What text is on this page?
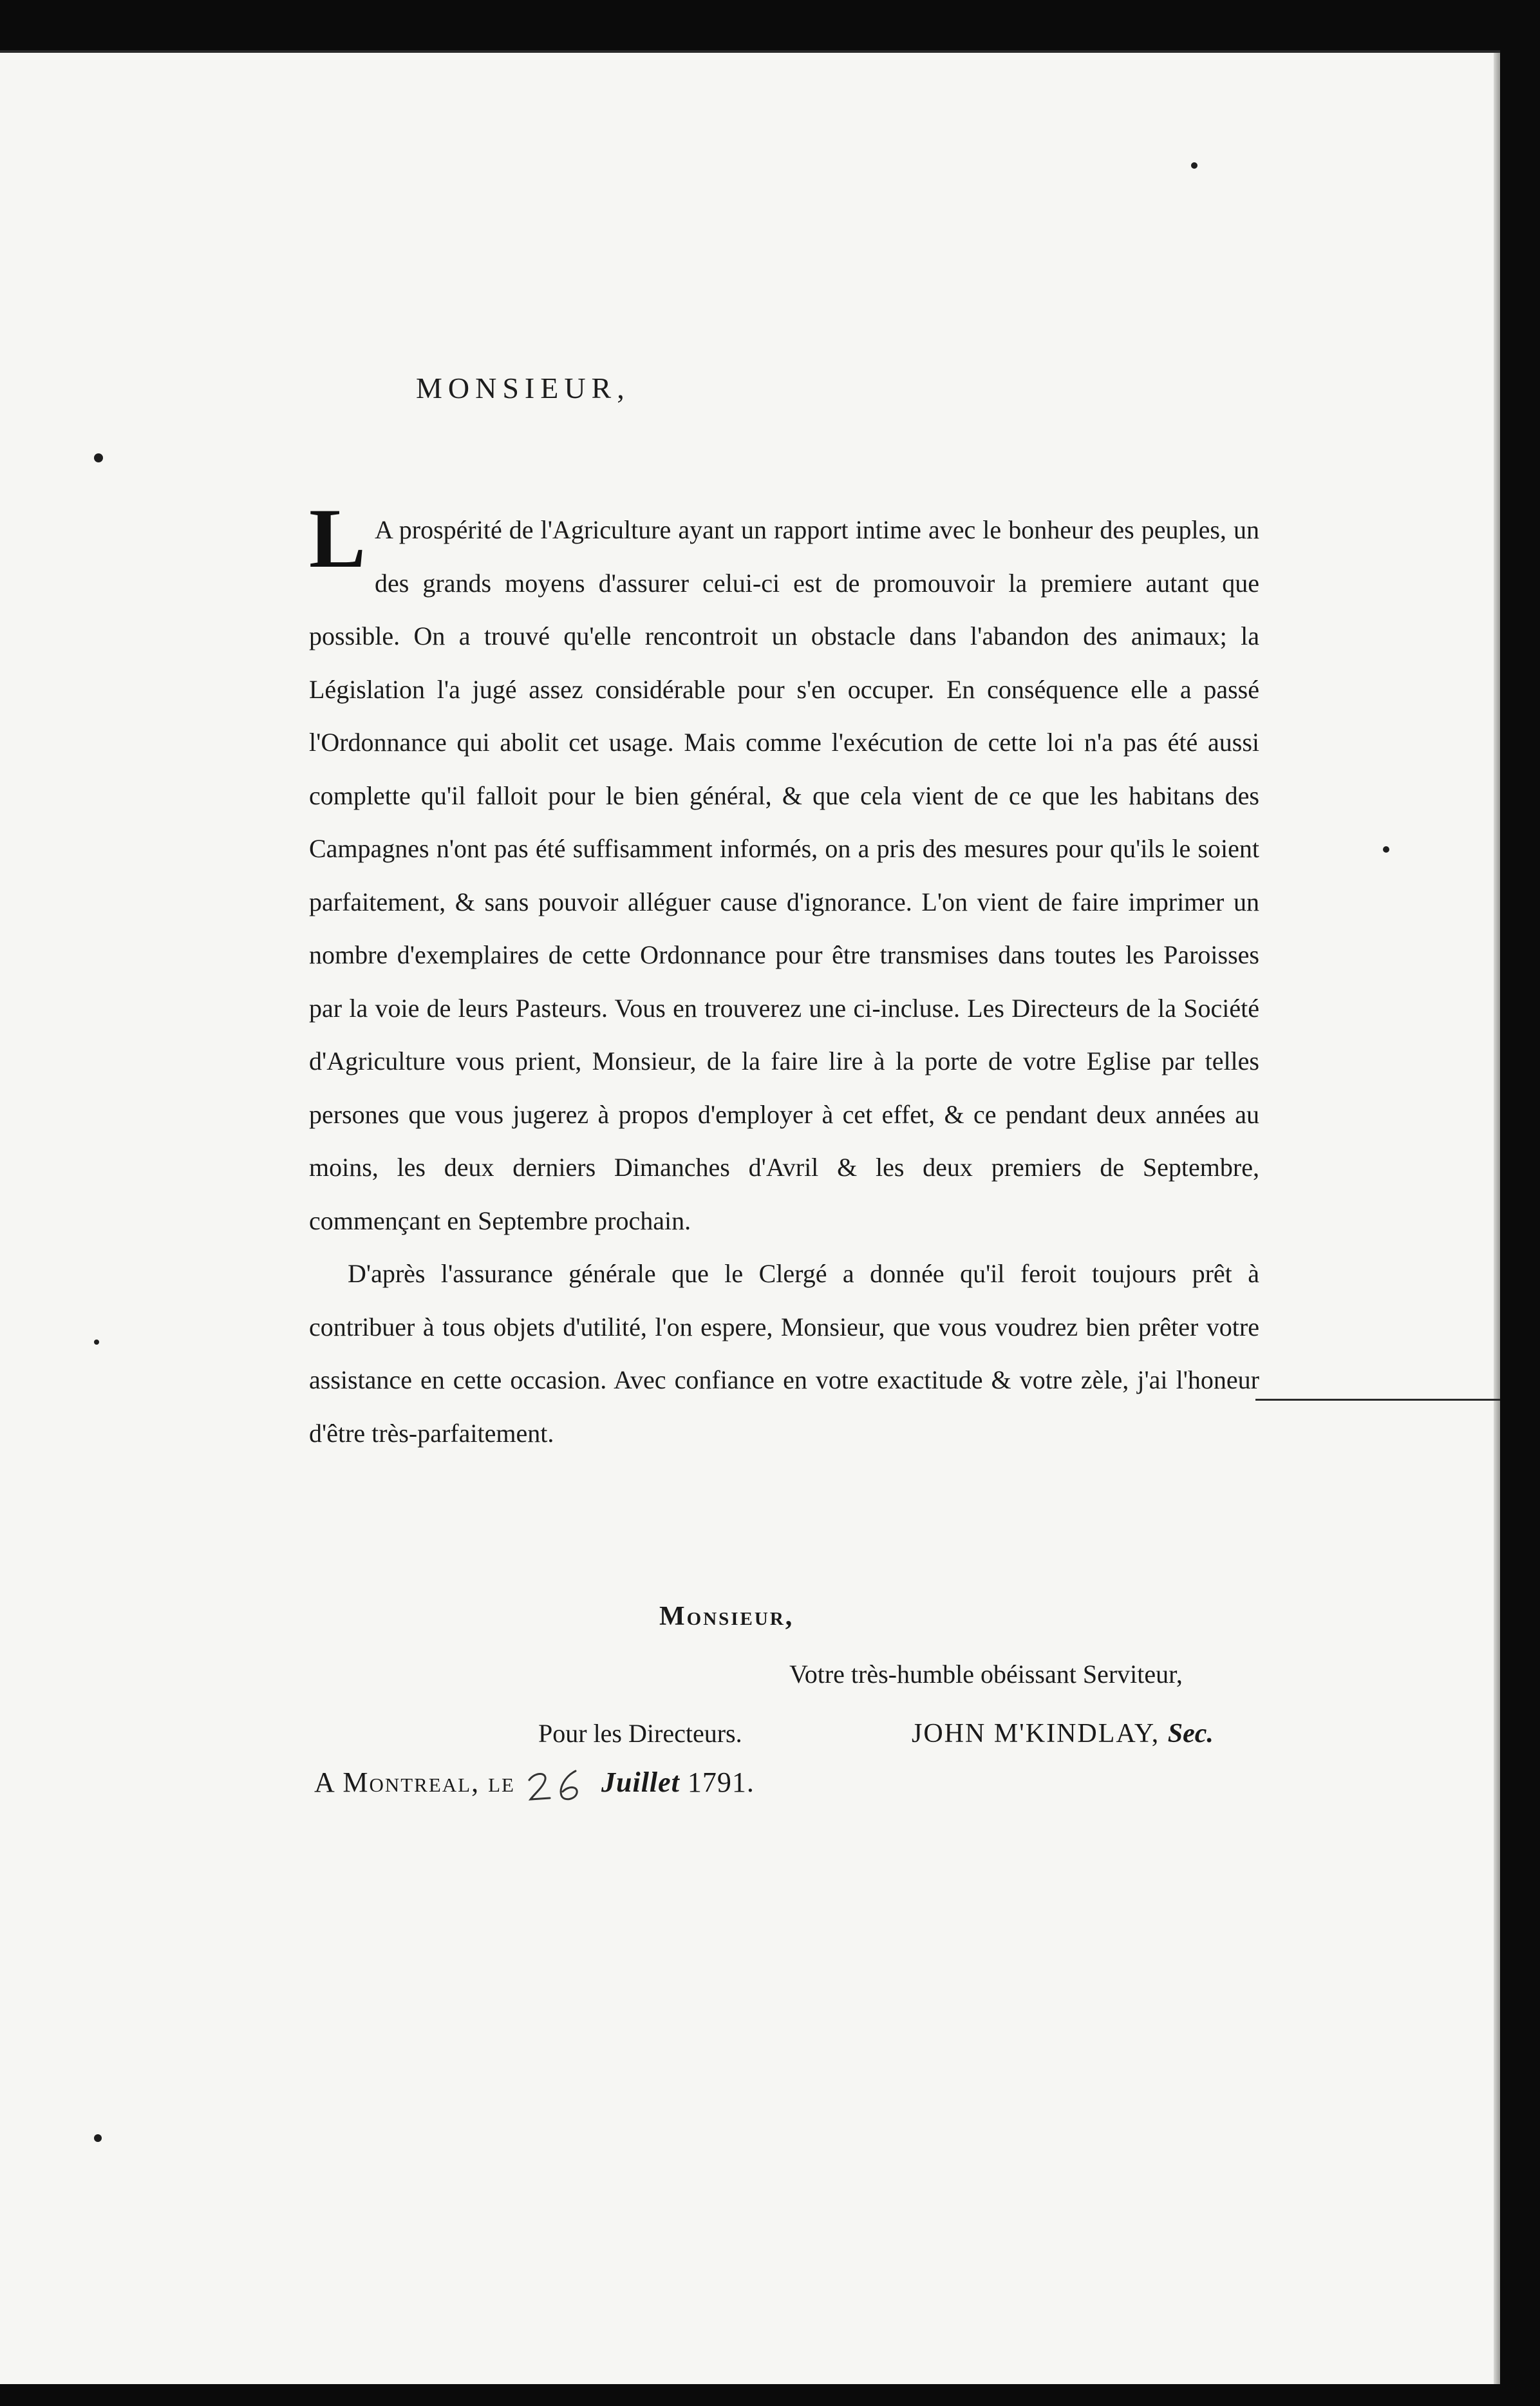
MONSIEUR,

L A prospérité de l'Agriculture ayant un rapport intime avec le bonheur des peuples, un des grands moyens d'assurer celui-ci est de promouvoir la premiere autant que possible. On a trouvé qu'elle rencontroit un obstacle dans l'abandon des animaux; la Législation l'a jugé assez considérable pour s'en occuper. En conséquence elle a passé l'Ordonnance qui abolit cet usage. Mais comme l'exécution de cette loi n'a pas été aussi complette qu'il falloit pour le bien général, & que cela vient de ce que les habitans des Campagnes n'ont pas été suffisamment informés, on a pris des mesures pour qu'ils le soient parfaitement, & sans pouvoir alléguer cause d'ignorance. L'on vient de faire imprimer un nombre d'exemplaires de cette Ordonnance pour être transmises dans toutes les Paroisses par la voie de leurs Pasteurs. Vous en trouverez une ci-incluse. Les Directeurs de la Société d'Agriculture vous prient, Monsieur, de la faire lire à la porte de votre Eglise par telles persones que vous jugerez à propos d'employer à cet effet, & ce pendant deux années au moins, les deux derniers Dimanches d'Avril & les deux premiers de Septembre, commençant en Septembre prochain.

D'après l'assurance générale que le Clergé a donnée qu'il feroit toujours prêt à contribuer à tous objets d'utilité, l'on espere, Monsieur, que vous voudrez bien prêter votre assistance en cette occasion. Avec confiance en votre exactitude & votre zèle, j'ai l'honeur d'être très-parfaitement.

Monsieur,
Votre très-humble obéissant Serviteur,
Pour les Directeurs.	JOHN M'KINDLAY, Sec.
A Montreal, le	Juillet 1791.
